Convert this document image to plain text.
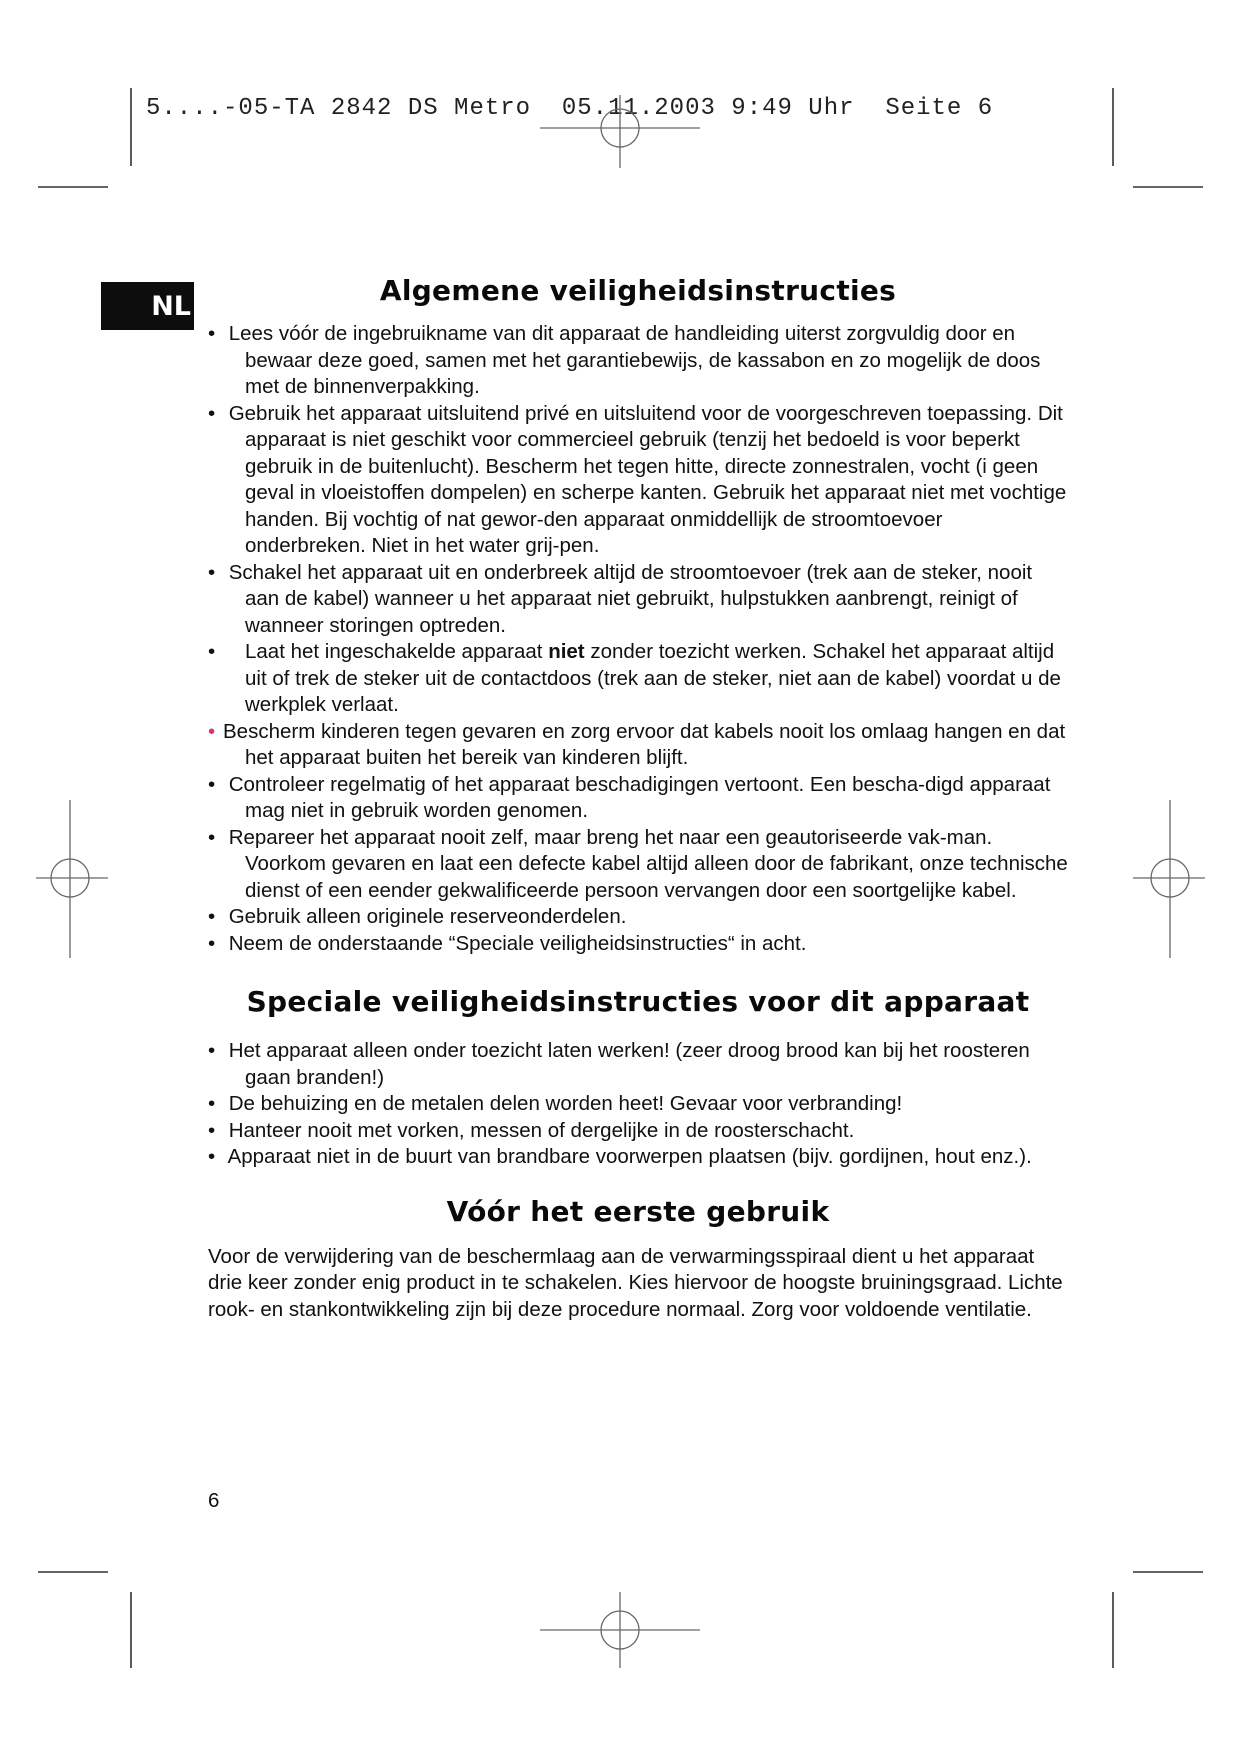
5....-05-TA 2842 DS Metro  05.11.2003 9:49 Uhr  Seite 6
NL	Algemene veiligheidsinstructies
• Lees vóór de ingebruikname van dit apparaat de handleiding uiterst zorgvuldig door en bewaar deze goed, samen met het garantiebewijs, de kassabon en zo mogelijk de doos met de binnenverpakking.
• Gebruik het apparaat uitsluitend privé en uitsluitend voor de voorgeschreven toepassing. Dit apparaat is niet geschikt voor commercieel gebruik (tenzij het bedoeld is voor beperkt gebruik in de buitenlucht). Bescherm het tegen hitte, directe zonnestralen, vocht (i geen geval in vloeistoffen dompelen) en scherpe kanten. Gebruik het apparaat niet met vochtige handen. Bij vochtig of nat gewor-den apparaat onmiddellijk de stroomtoevoer onderbreken. Niet in het water grij-pen.
• Schakel het apparaat uit en onderbreek altijd de stroomtoevoer (trek aan de steker, nooit aan de kabel) wanneer u het apparaat niet gebruikt, hulpstukken aanbrengt, reinigt of wanneer storingen optreden.
• Laat het ingeschakelde apparaat niet zonder toezicht werken. Schakel het apparaat altijd uit of trek de steker uit de contactdoos (trek aan de steker, niet aan de kabel) voordat u de werkplek verlaat.
• Bescherm kinderen tegen gevaren en zorg ervoor dat kabels nooit los omlaag hangen en dat het apparaat buiten het bereik van kinderen blijft.
• Controleer regelmatig of het apparaat beschadigingen vertoont. Een bescha-digd apparaat mag niet in gebruik worden genomen.
• Repareer het apparaat nooit zelf, maar breng het naar een geautoriseerde vak-man. Voorkom gevaren en laat een defecte kabel altijd alleen door de fabrikant, onze technische dienst of een eender gekwalificeerde persoon vervangen door een soortgelijke kabel.
• Gebruik alleen originele reserveonderdelen.
• Neem de onderstaande “Speciale veiligheidsinstructies“ in acht.
Speciale veiligheidsinstructies voor dit apparaat
• Het apparaat alleen onder toezicht laten werken! (zeer droog brood kan bij het roosteren gaan branden!)
• De behuizing en de metalen delen worden heet! Gevaar voor verbranding!
• Hanteer nooit met vorken, messen of dergelijke in de roosterschacht.
• Apparaat niet in de buurt van brandbare voorwerpen plaatsen (bijv. gordijnen, hout enz.).
Vóór het eerste gebruik

Voor de verwijdering van de beschermlaag aan de verwarmingsspiraal dient u het apparaat drie keer zonder enig product in te schakelen. Kies hiervoor de hoogste bruiningsgraad. Lichte rook- en stankontwikkeling zijn bij deze procedure normaal. Zorg voor voldoende ventilatie.

6
